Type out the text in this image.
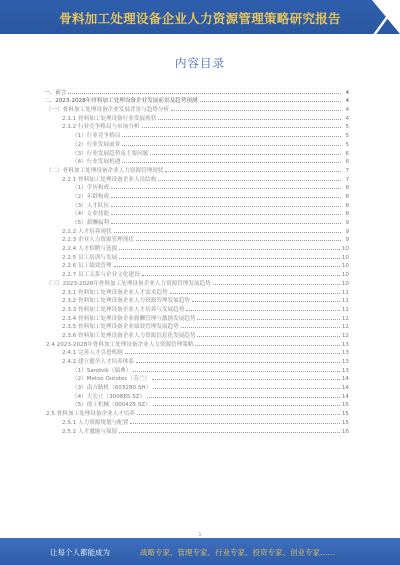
骨料加工处理设备企业人力资源管理策略研究报告
内容目录
一、前言	4
二、2023-2028年骨料加工处理设备企业发展前景及趋势预测	4
（一）骨料加工处理设备企业发展背景与趋势分析	4
2.1.1 骨料加工处理设备行业发展现状	4
2.1.2 行业竞争格局与市场分析	5
（1）行业竞争格局	5
（2）行业发展前景	5
（3）行业发展趋势及主要问题	6
（4）行业发展机遇	6
（二）骨料加工处理设备企业人力资源管理现状	7
2.2.1 骨料加工处理设备企业人员结构	7
（1）学历构成	8
（2）年龄构成	8
（3）人才队伍	8
（4）专业技能	8
（5）薪酬福利	9
2.2.2 人才培养现状	9
2.2.3 企业人力资源管理现状	9
2.2.4 人才招聘与选拔	10
2.2.5 员工培训与发展	10
2.2.6 员工绩效管理	10
2.2.7 员工关系与企业文化建设	10
（三）2023-2028年骨料加工处理设备企业人力资源管理发展趋势	10
2.3.1 骨料加工处理设备企业人才需求趋势	11
2.3.2 骨料加工处理设备企业人力资源管理发展趋势	11
2.3.3 骨料加工处理设备企业人才培养与发展趋势	11
2.3.4 骨料加工处理设备企业薪酬管理与激励发展趋势	12
2.3.5 骨料加工处理设备企业绩效管理发展趋势	12
2.3.6 骨料加工处理设备企业人力资源信息化发展趋势	12
2.4 2023-2028年骨料加工处理设备企业人力资源管理策略	13
2.4.1 完善人才引进机制	13
2.4.2 建立健全人才培养体系	13
（1）Sandvik（瑞典）	13
（2）Metso Outotec（芬兰）	14
（3）南方路机（603280.SH）	14
（4）大宏立（300865.SZ）	14
（5）徐工机械（000425.SZ）	15
2.5 骨料加工处理设备企业人才培养	15
2.5.1 人力资源规划与配置	15
2.5.2 人才激励与保留	16
1
让每个人都能成为	战略专家、管理专家、行业专家、投资专家、创业专家……
